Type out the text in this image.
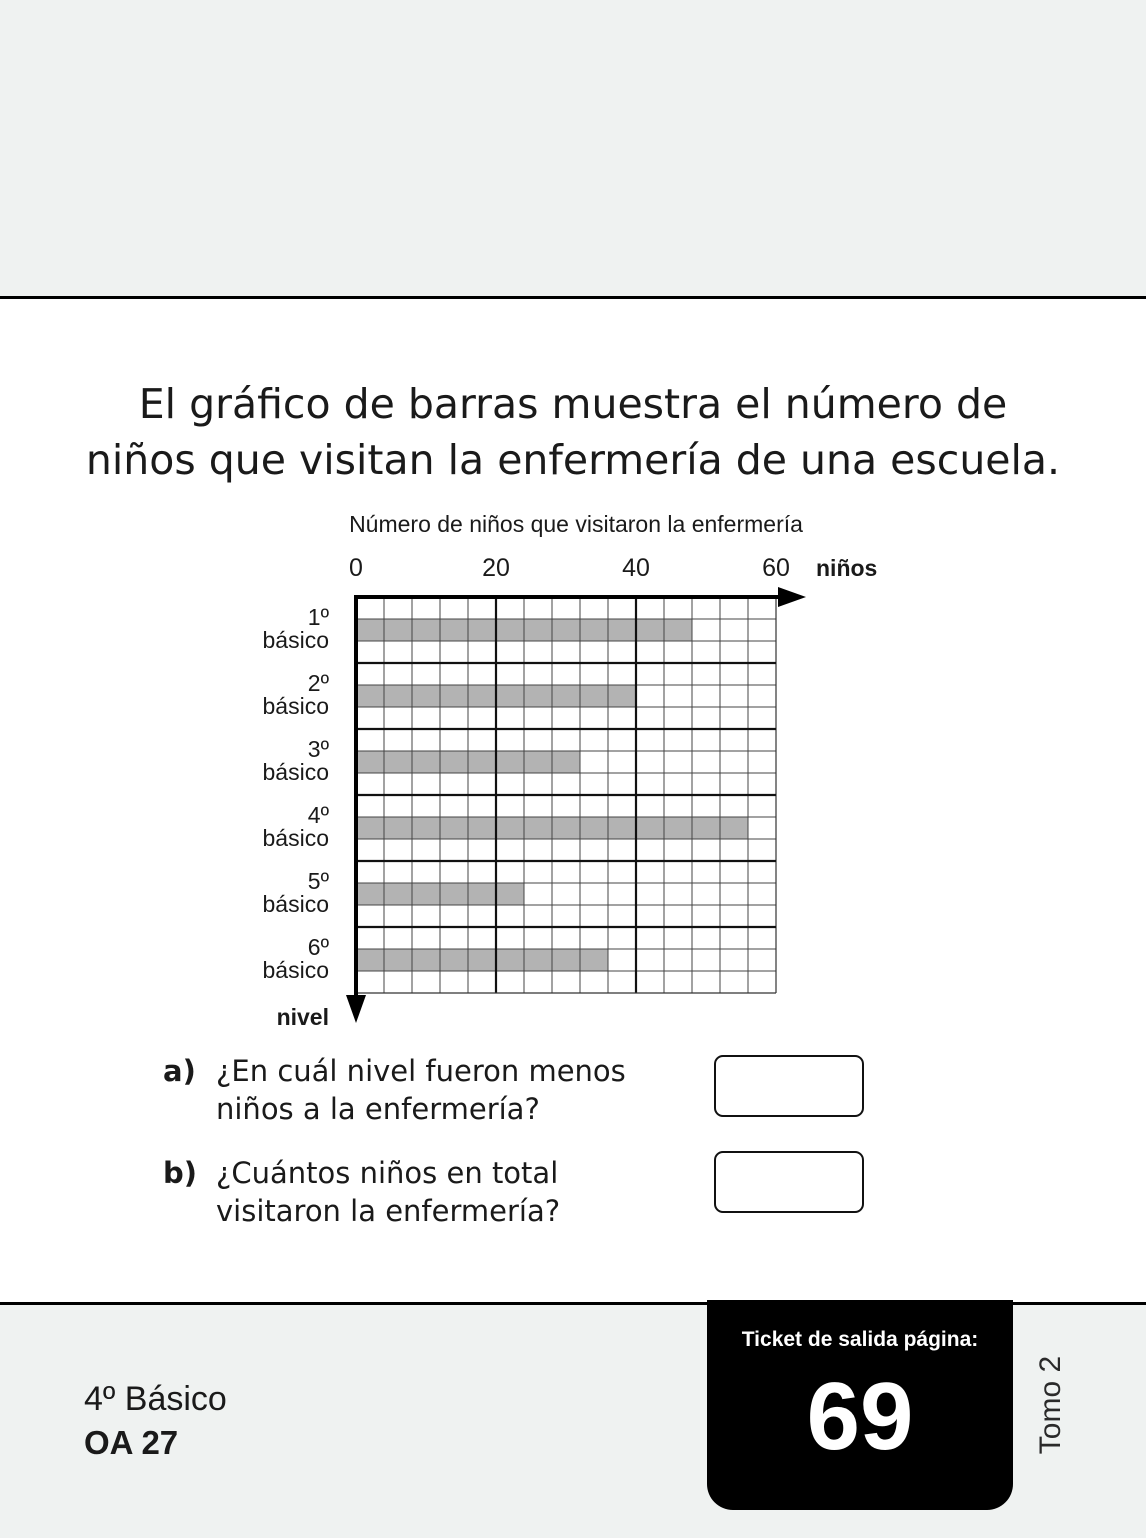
El gráfico de barras muestra el número de
niños que visitan la enfermería de una escuela.
Número de niños que visitaron la enfermería
0	20	40	60 niños
nivel
1º
básico
2º
básico
3º
básico
4º
básico
5º
básico
6º
básico
a) ¿En cuál nivel fueron menos
niños a la enfermería?
b) ¿Cuántos niños en total
visitaron la enfermería?
4º Básico
OA 27
Ticket de salida página:
69	Tomo 2
